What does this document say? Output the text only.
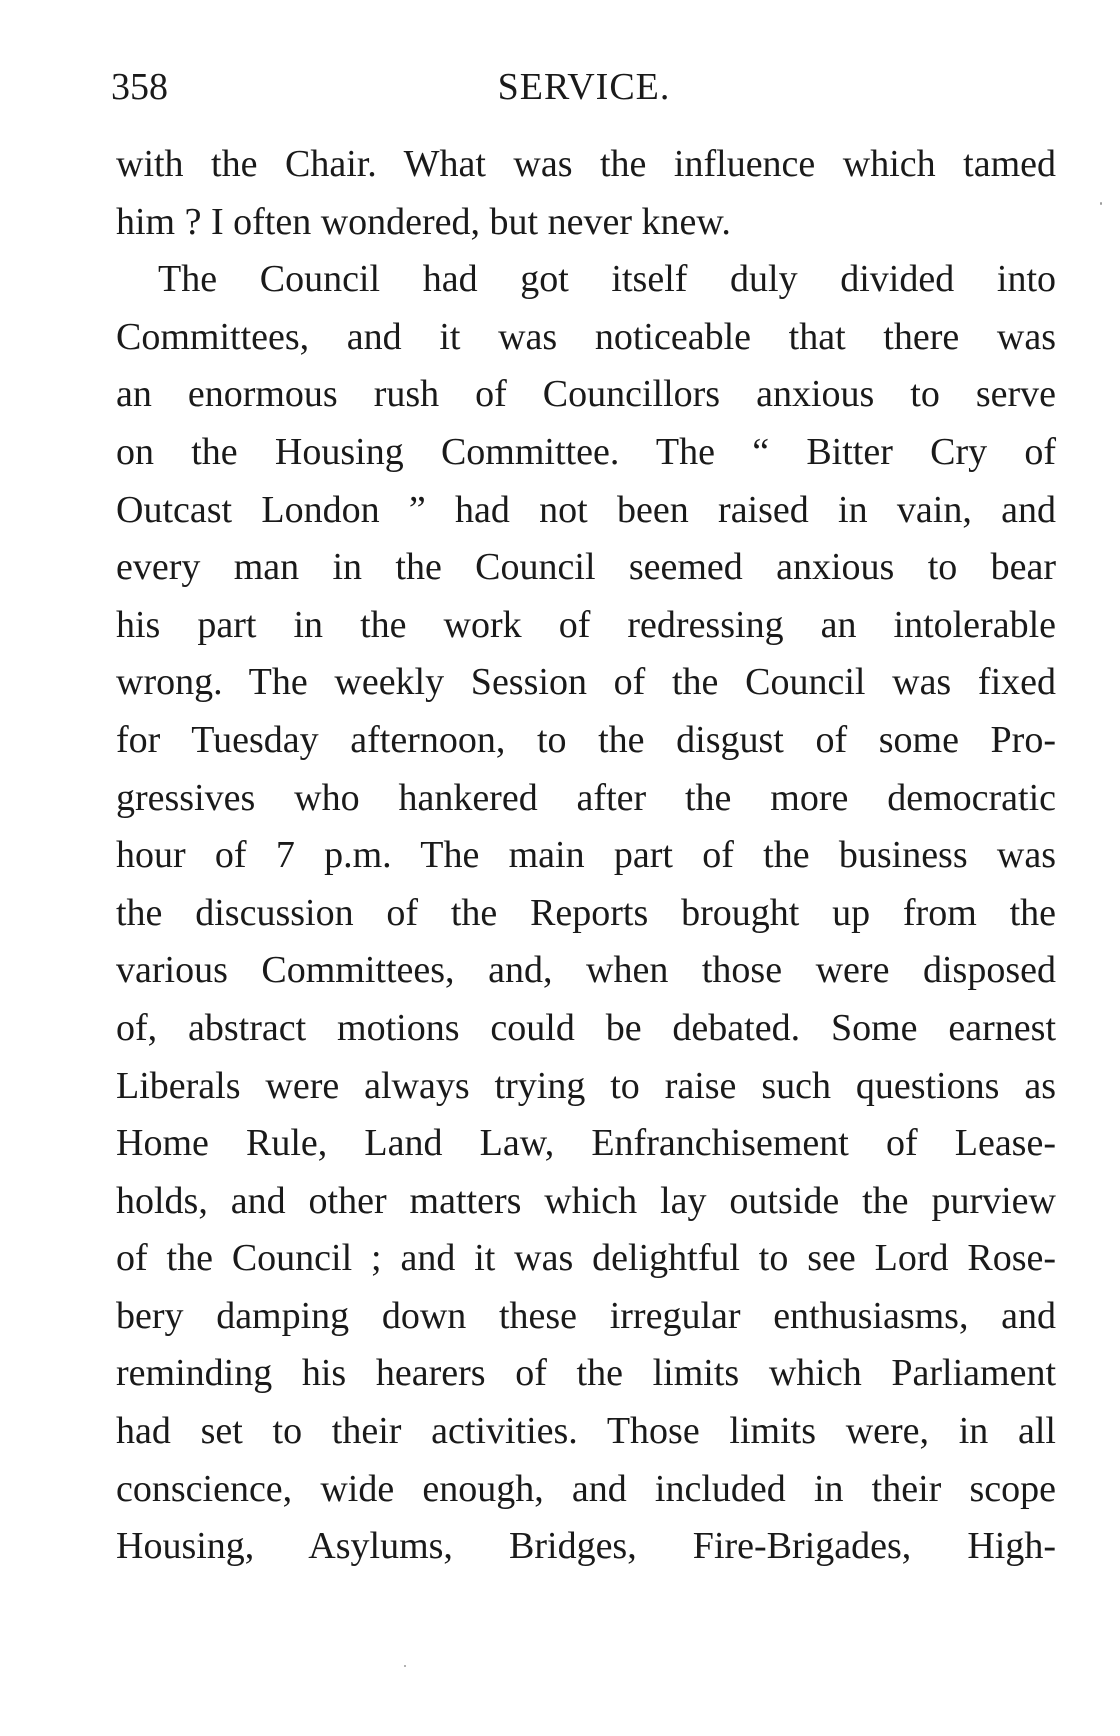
358	SERVICE.
with the Chair. What was the influence which tamed
him ? I often wondered, but never knew.
The Council had got itself duly divided into
Committees, and it was noticeable that there was
an enormous rush of Councillors anxious to serve
on the Housing Committee. The “ Bitter Cry of
Outcast London ” had not been raised in vain, and
every man in the Council seemed anxious to bear
his part in the work of redressing an intolerable
wrong. The weekly Session of the Council was fixed
for Tuesday afternoon, to the disgust of some Pro-
gressives who hankered after the more democratic
hour of 7 p.m. The main part of the business was
the discussion of the Reports brought up from the
various Committees, and, when those were disposed
of, abstract motions could be debated. Some earnest
Liberals were always trying to raise such questions as
Home Rule, Land Law, Enfranchisement of Lease-
holds, and other matters which lay outside the purview
of the Council ; and it was delightful to see Lord Rose-
bery damping down these irregular enthusiasms, and
reminding his hearers of the limits which Parliament
had set to their activities. Those limits were, in all
conscience, wide enough, and included in their scope
Housing, Asylums, Bridges, Fire-Brigades, High-
